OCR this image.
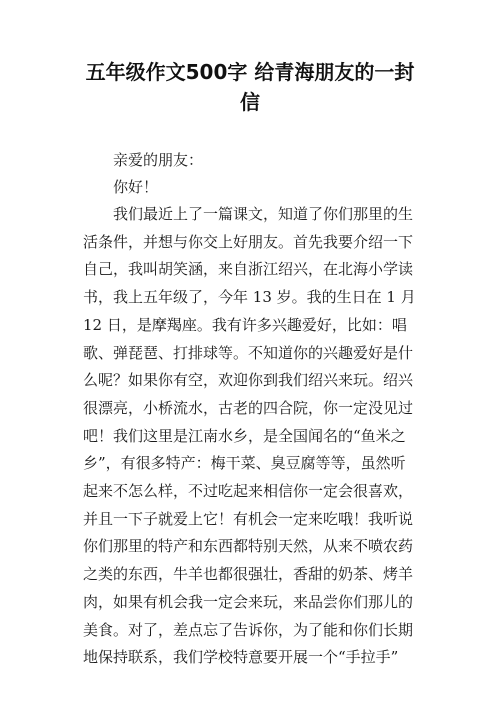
五年级作文500字 给青海朋友的一封
信

亲爱的朋友：

你好！

我们最近上了一篇课文，知道了你们那里的生

活条件，并想与你交上好朋友。首先我要介绍一下

自己，我叫胡笑涵，来自浙江绍兴，在北海小学读

书，我上五年级了，今年 13 岁。我的生日在 1 月

12 日，是摩羯座。我有许多兴趣爱好，比如：唱

歌、弹琵琶、打排球等。不知道你的兴趣爱好是什

么呢？如果你有空，欢迎你到我们绍兴来玩。绍兴

很漂亮，小桥流水，古老的四合院，你一定没见过

吧！我们这里是江南水乡，是全国闻名的“鱼米之

乡”，有很多特产：梅干菜、臭豆腐等等，虽然听

起来不怎么样，不过吃起来相信你一定会很喜欢，

并且一下子就爱上它！有机会一定来吃哦！我听说

你们那里的特产和东西都特别天然，从来不喷农药

之类的东西，牛羊也都很强壮，香甜的奶茶、烤羊

肉，如果有机会我一定会来玩，来品尝你们那儿的

美食。对了，差点忘了告诉你，为了能和你们长期

地保持联系，我们学校特意要开展一个“手拉手”
